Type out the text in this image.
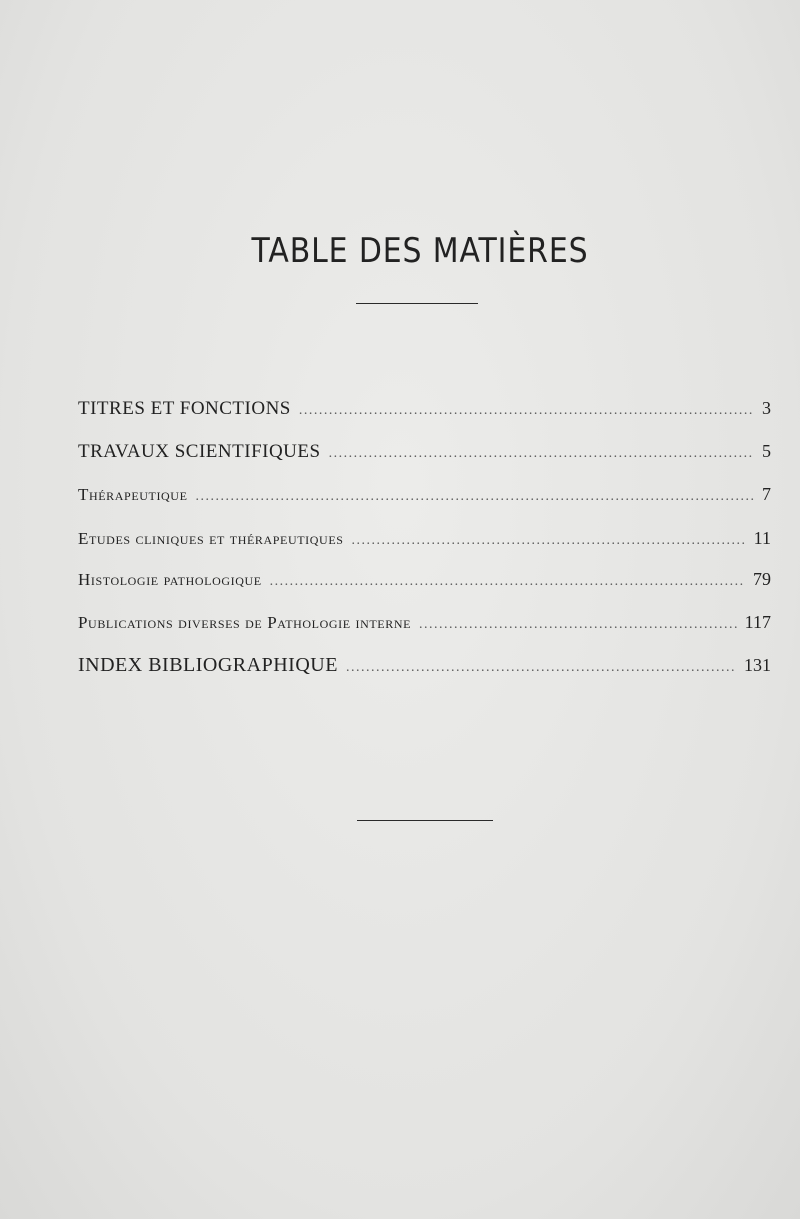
TABLE DES MATIÈRES
TITRES ET FONCTIONS . . .	3
TRAVAUX SCIENTIFIQUES . . .	5
Thérapeutique . . .	7
Etudes cliniques et thérapeutiques . . .	11
Histologie pathologique . . .	79
Publications diverses de Pathologie interne . . .	117
INDEX BIBLIOGRAPHIQUE . . .	131
